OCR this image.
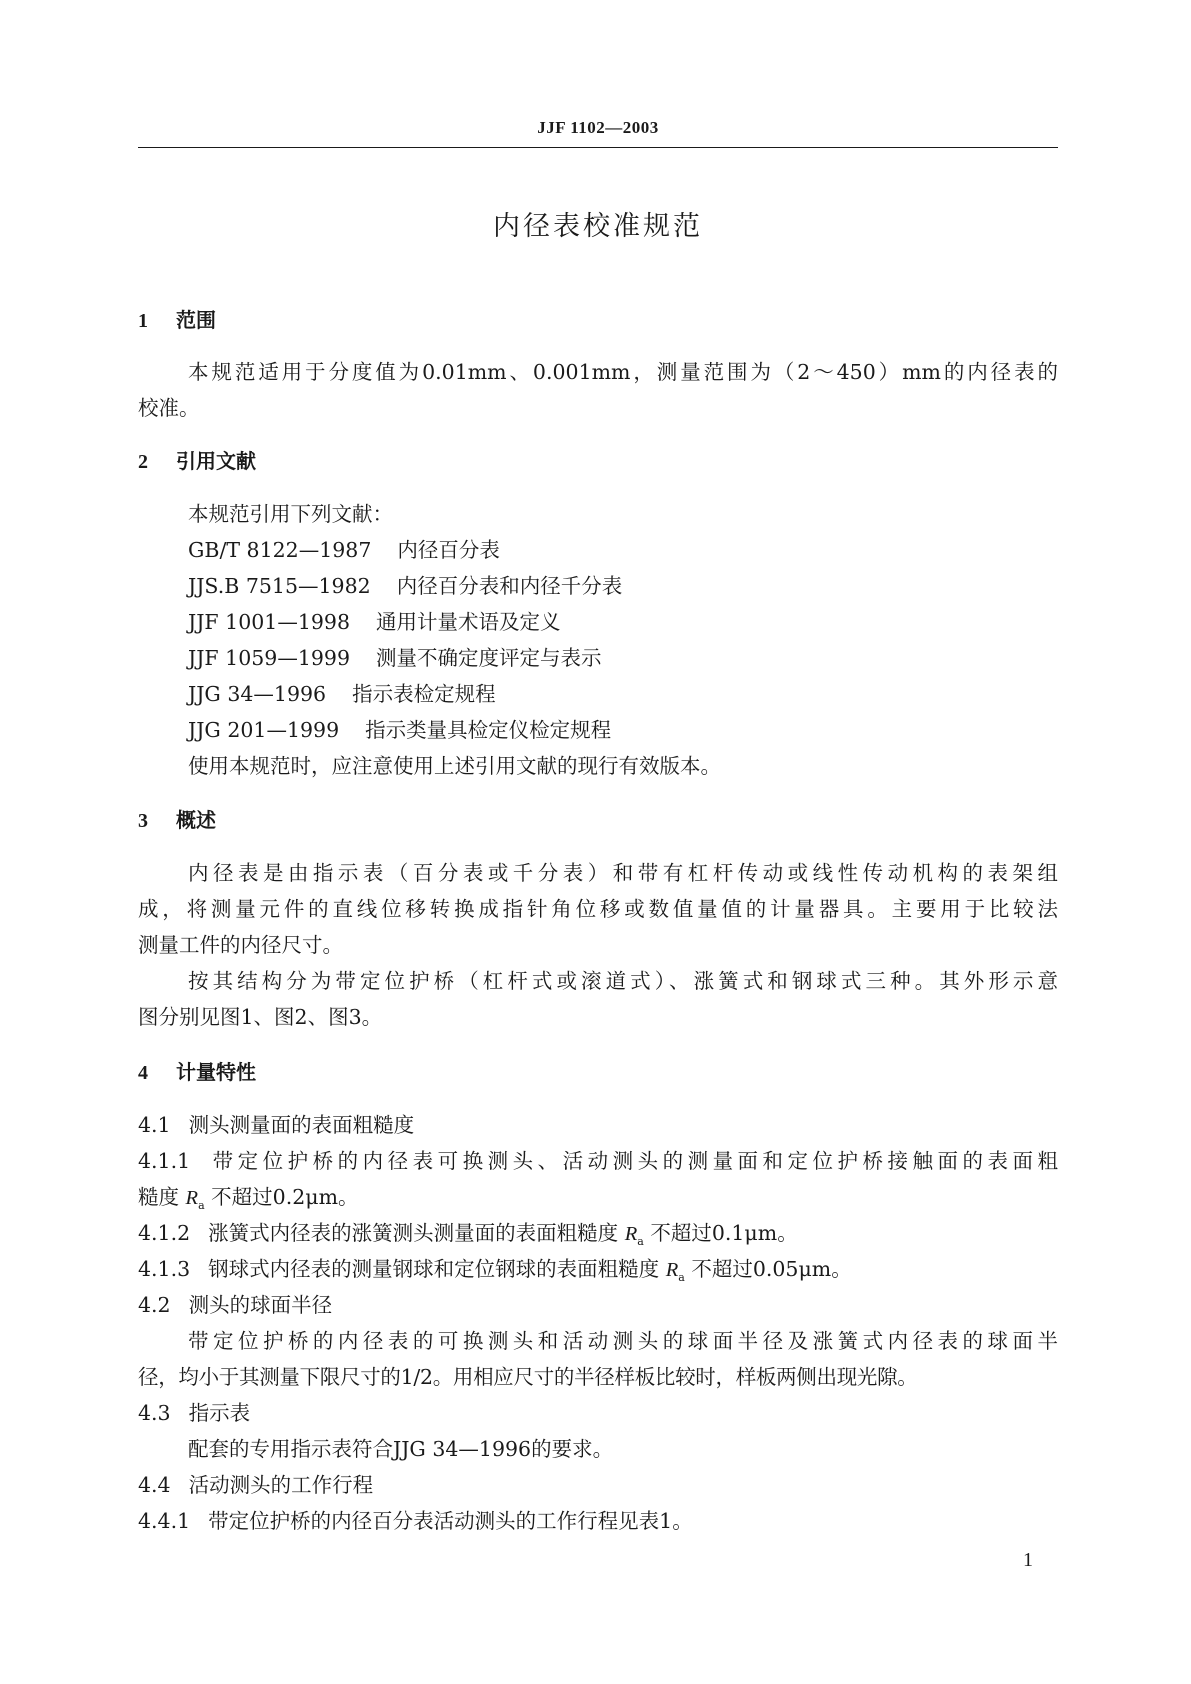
JJF 1102—2003
内径表校准规范
1 范围
本规范适用于分度值为0.01mm、0.001mm，测量范围为（2～450）mm的内径表的
校准。
2 引用文献
本规范引用下列文献：
GB/T 8122—1987 内径百分表
JJS.B 7515—1982 内径百分表和内径千分表
JJF 1001—1998 通用计量术语及定义
JJF 1059—1999 测量不确定度评定与表示
JJG 34—1996 指示表检定规程
JJG 201—1999 指示类量具检定仪检定规程
使用本规范时，应注意使用上述引用文献的现行有效版本。
3 概述
内径表是由指示表（百分表或千分表）和带有杠杆传动或线性传动机构的表架组
成，将测量元件的直线位移转换成指针角位移或数值量值的计量器具。主要用于比较法
测量工件的内径尺寸。
按其结构分为带定位护桥（杠杆式或滚道式）、涨簧式和钢球式三种。其外形示意
图分别见图1、图2、图3。
4 计量特性
4.1 测头测量面的表面粗糙度
4.1.1 带定位护桥的内径表可换测头、活动测头的测量面和定位护桥接触面的表面粗
糙度 $R_a$ 不超过0.2μm。
4.1.2 涨簧式内径表的涨簧测头测量面的表面粗糙度 $R_a$ 不超过0.1μm。
4.1.3 钢球式内径表的测量钢球和定位钢球的表面粗糙度 $R_a$ 不超过0.05μm。
4.2 测头的球面半径
带定位护桥的内径表的可换测头和活动测头的球面半径及涨簧式内径表的球面半
径，均小于其测量下限尺寸的1/2。用相应尺寸的半径样板比较时，样板两侧出现光隙。
4.3 指示表
配套的专用指示表符合JJG 34—1996的要求。
4.4 活动测头的工作行程
4.4.1 带定位护桥的内径百分表活动测头的工作行程见表1。
1
